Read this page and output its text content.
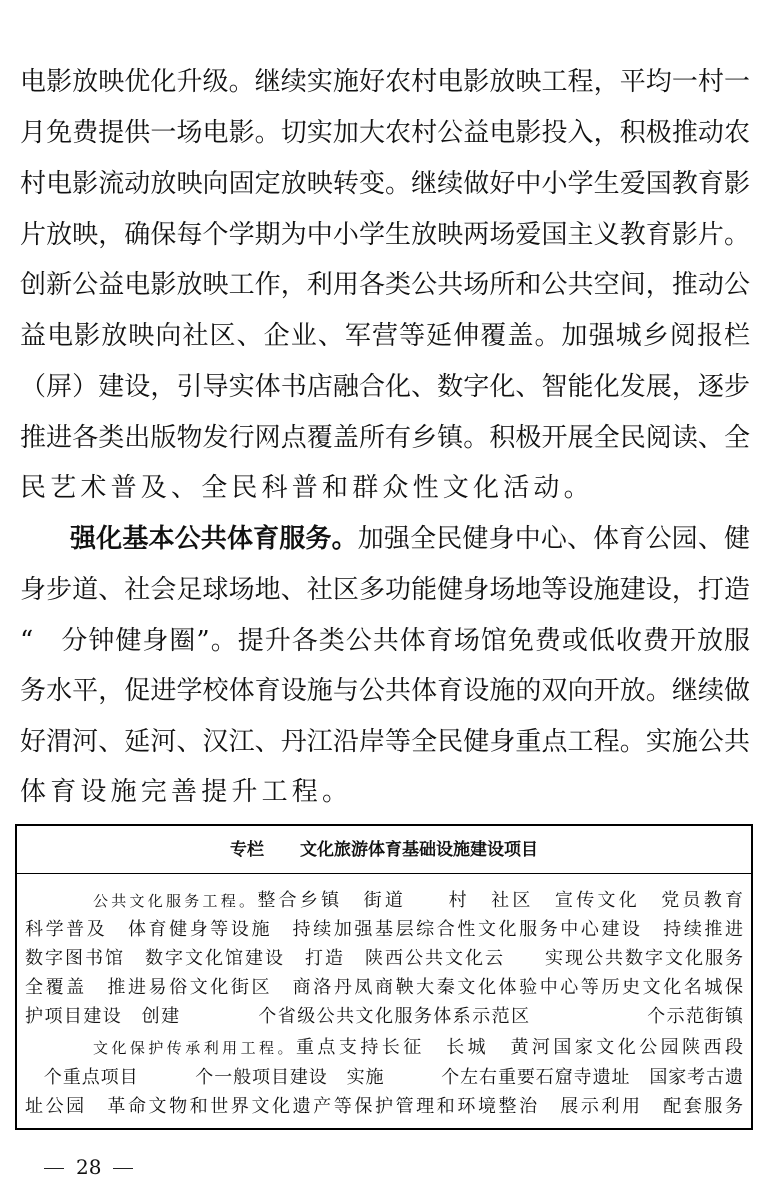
电影放映优化升级。继续实施好农村电影放映工程，平均一村一
月免费提供一场电影。切实加大农村公益电影投入，积极推动农
村电影流动放映向固定放映转变。继续做好中小学生爱国教育影
片放映，确保每个学期为中小学生放映两场爱国主义教育影片。
创新公益电影放映工作，利用各类公共场所和公共空间，推动公
益电影放映向社区、企业、军营等延伸覆盖。加强城乡阅报栏
（屏）建设，引导实体书店融合化、数字化、智能化发展，逐步
推进各类出版物发行网点覆盖所有乡镇。积极开展全民阅读、全
民艺术普及、全民科普和群众性文化活动。
强化基本公共体育服务。加强全民健身中心、体育公园、健
身步道、社会足球场地、社区多功能健身场地等设施建设，打造
“　分钟健身圈”。提升各类公共体育场馆免费或低收费开放服
务水平，促进学校体育设施与公共体育设施的双向开放。继续做
好渭河、延河、汉江、丹江沿岸等全民健身重点工程。实施公共
体育设施完善提升工程。
专栏 文化旅游体育基础设施建设项目
公共文化服务工程。整合乡镇　街道　　村　社区　宣传文化　党员教育
科学普及　体育健身等设施　持续加强基层综合性文化服务中心建设　持续推进
数字图书馆　数字文化馆建设　打造　陕西公共文化云　　实现公共数字文化服务
全覆盖　推进易俗文化街区　商洛丹凤商鞅大秦文化体验中心等历史文化名城保
护项目建设　创建　　　　个省级公共文化服务体系示范区　　　　　　个示范街镇
文化保护传承利用工程。重点支持长征　长城　黄河国家文化公园陕西段
　个重点项目　　　个一般项目建设　实施　　　个左右重要石窟寺遗址　国家考古遗
址公园　革命文物和世界文化遗产等保护管理和环境整治　展示利用　配套服务
28
